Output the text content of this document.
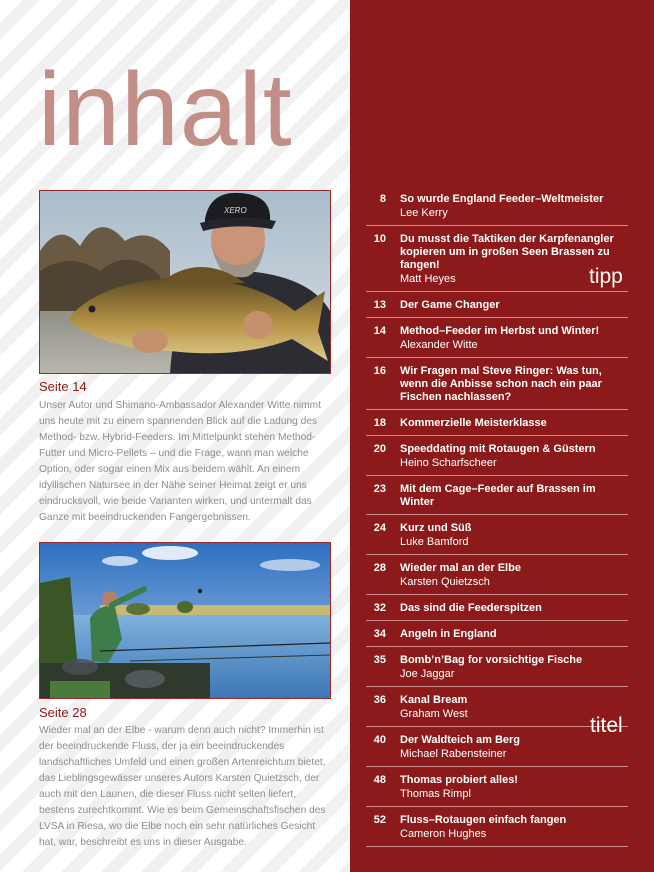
inhalt
XERO
Seite 14
Unser Autor und Shimano-Ambassador Alexander Witte nimmt uns heute mit zu einem spannenden Blick auf die Ladung des Method- bzw. Hybrid-Feeders. Im Mittelpunkt stehen Method-Futter und Micro-Pellets – und die Frage, wann man welche Option, oder sogar einen Mix aus beidem wählt. An einem idyllischen Natursee in der Nähe seiner Heimat zeigt er uns eindrucksvoll, wie beide Varianten wirken, und untermalt das Ganze mit beeindruckenden Fangergebnissen.
Seite 28
Wieder mal an der Elbe - warum denn auch nicht? Immerhin ist der beeindruckende Fluss, der ja ein beeindruckendes landschaftliches Umfeld und einen großen Artenreichtum bietet, das Lieblingsgewässer unseres Autors Karsten Quietzsch, der auch mit den Launen, die dieser Fluss nicht selten liefert, bestens zurechtkommt. Wie es beim Gemeinschaftsfischen des LVSA in Riesa, wo die Elbe noch ein sehr natürliches Gesicht hat, war, beschreibt es uns in dieser Ausgabe.
8 So wurde England Feeder–Weltmeister
Lee Kerry
10 Du musst die Taktiken der Karpfenangler kopieren um in großen Seen Brassen zu fangen!
Matt Heyes
13 Der Game Changer
14 Method–Feeder im Herbst und Winter!
Alexander Witte
16 Wir Fragen mal Steve Ringer: Was tun, wenn die Anbisse schon nach ein paar Fischen nachlassen?
18 Kommerzielle Meisterklasse
20 Speeddating mit Rotaugen & Güstern
Heino Scharfscheer
23 Mit dem Cage–Feeder auf Brassen im Winter
24 Kurz und Süß
Luke Bamford
28 Wieder mal an der Elbe
Karsten Quietzsch
32 Das sind die Feederspitzen
34 Angeln in England
35 Bomb’n’Bag for vorsichtige Fische
Joe Jaggar
36 Kanal Bream
Graham West
40 Der Waldteich am Berg
Michael Rabensteiner
48 Thomas probiert alles!
Thomas Rimpl
52 Fluss–Rotaugen einfach fangen
Cameron Hughes
tipp
titel
